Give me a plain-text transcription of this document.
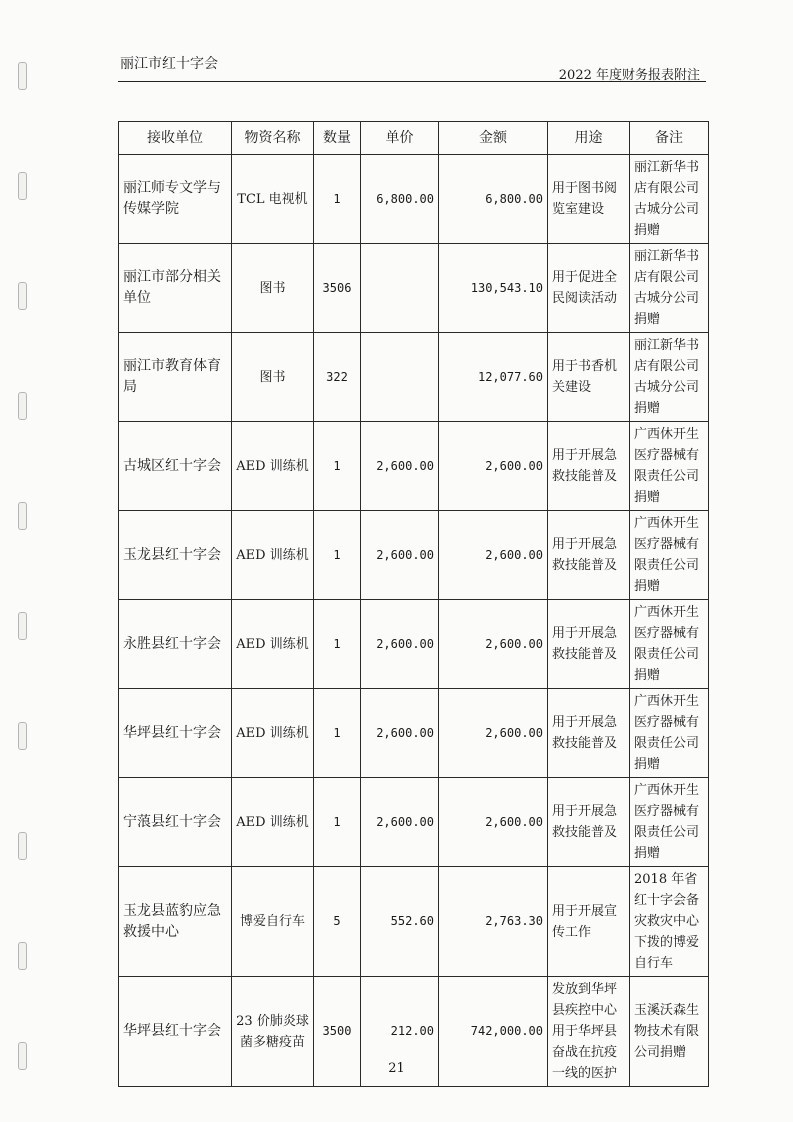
丽江市红十字会
2022 年度财务报表附注
接收单位	物资名称	数量	单价	金额	用途	备注
丽江师专文学与传媒学院	TCL 电视机	1	6,800.00	6,800.00	用于图书阅览室建设	丽江新华书店有限公司古城分公司捐赠
丽江市部分相关单位	图书	3506		130,543.10	用于促进全民阅读活动	丽江新华书店有限公司古城分公司捐赠
丽江市教育体育局	图书	322		12,077.60	用于书香机关建设	丽江新华书店有限公司古城分公司捐赠
古城区红十字会	AED 训练机	1	2,600.00	2,600.00	用于开展急救技能普及	广西休开生医疗器械有限责任公司捐赠
玉龙县红十字会	AED 训练机	1	2,600.00	2,600.00	用于开展急救技能普及	广西休开生医疗器械有限责任公司捐赠
永胜县红十字会	AED 训练机	1	2,600.00	2,600.00	用于开展急救技能普及	广西休开生医疗器械有限责任公司捐赠
华坪县红十字会	AED 训练机	1	2,600.00	2,600.00	用于开展急救技能普及	广西休开生医疗器械有限责任公司捐赠
宁蒗县红十字会	AED 训练机	1	2,600.00	2,600.00	用于开展急救技能普及	广西休开生医疗器械有限责任公司捐赠
玉龙县蓝豹应急救援中心	博爱自行车	5	552.60	2,763.30	用于开展宣传工作	2018 年省红十字会备灾救灾中心下拨的博爱自行车
华坪县红十字会	23 价肺炎球菌多糖疫苗	3500	212.00	742,000.00	发放到华坪县疾控中心用于华坪县奋战在抗疫一线的医护	玉溪沃森生物技术有限公司捐赠
21
